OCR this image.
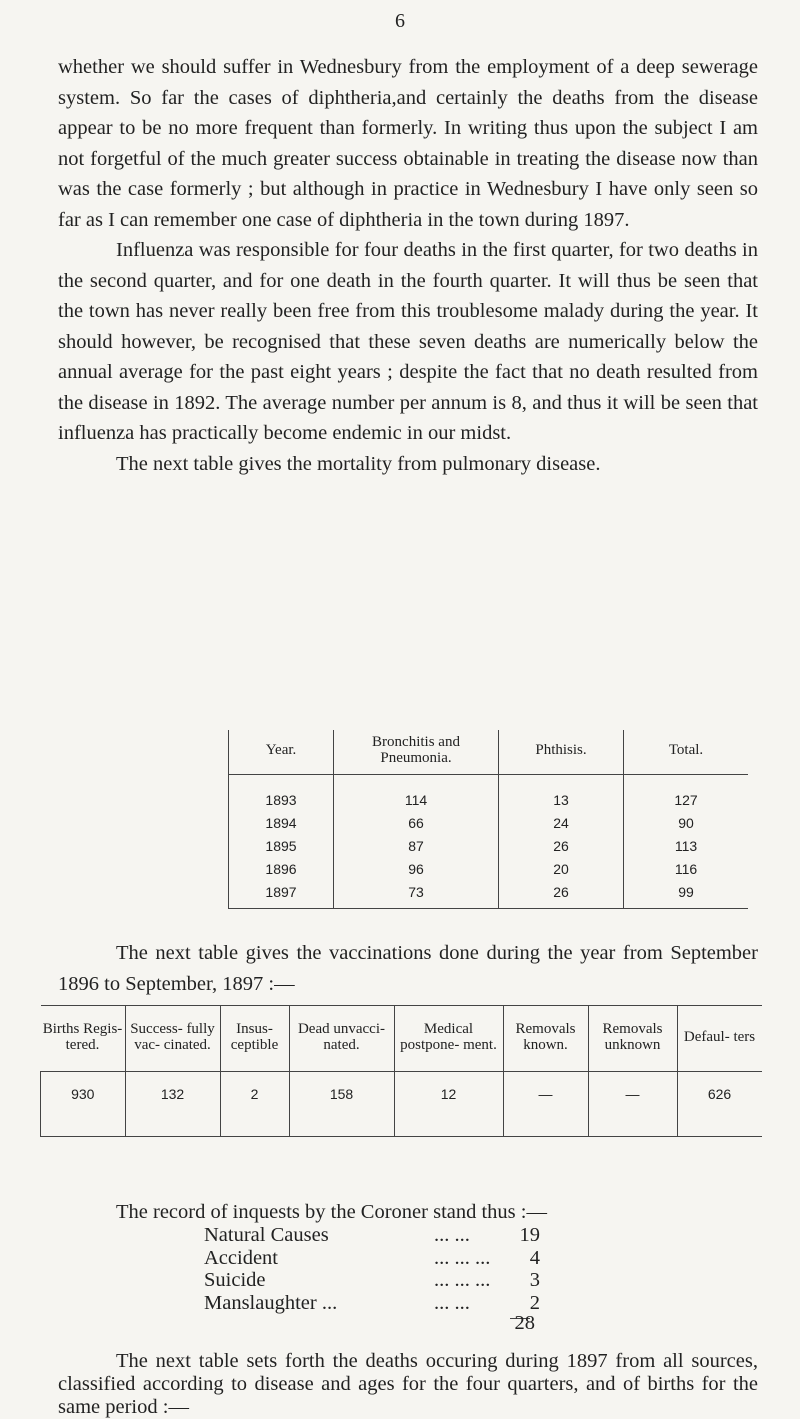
6

whether we should suffer in Wednesbury from the employment of a deep sewerage system. So far the cases of diphtheria,and certainly the deaths from the disease appear to be no more frequent than formerly. In writing thus upon the subject I am not forgetful of the much greater success obtainable in treating the disease now than was the case formerly ; but although in practice in Wednesbury I have only seen so far as I can remember one case of diphtheria in the town during 1897.

Influenza was responsible for four deaths in the first quarter, for two deaths in the second quarter, and for one death in the fourth quarter. It will thus be seen that the town has never really been free from this troublesome malady during the year. It should however, be recognised that these seven deaths are numerically below the annual average for the past eight years ; despite the fact that no death resulted from the disease in 1892. The average number per annum is 8, and thus it will be seen that influenza has practically become endemic in our midst.

The next table gives the mortality from pulmonary disease.

Year.	Bronchitis and Pneumonia.	Phthisis.	Total.
1893	114	13	127
1894	66	24	90
1895	87	26	113
1896	96	20	116
1897	73	26	99

The next table gives the vaccinations done during the year from September 1896 to September, 1897 :—

Births Regis- tered.	Success- fully vac- cinated.	Insus- ceptible	Dead unvacci- nated.	Medical postpone- ment.	Removals known.	Removals unknown	Defaul- ters
930	132	2	158	12	—	—	626

The record of inquests by the Coroner stand thus :—

Natural Causes	... ...	19
Accident	... ... ...	4
Suicide	... ... ...	3
Manslaughter ...	... ...	2
28

The next table sets forth the deaths occuring during 1897 from all sources, classified according to disease and ages for the four quarters, and of births for the same period :—
